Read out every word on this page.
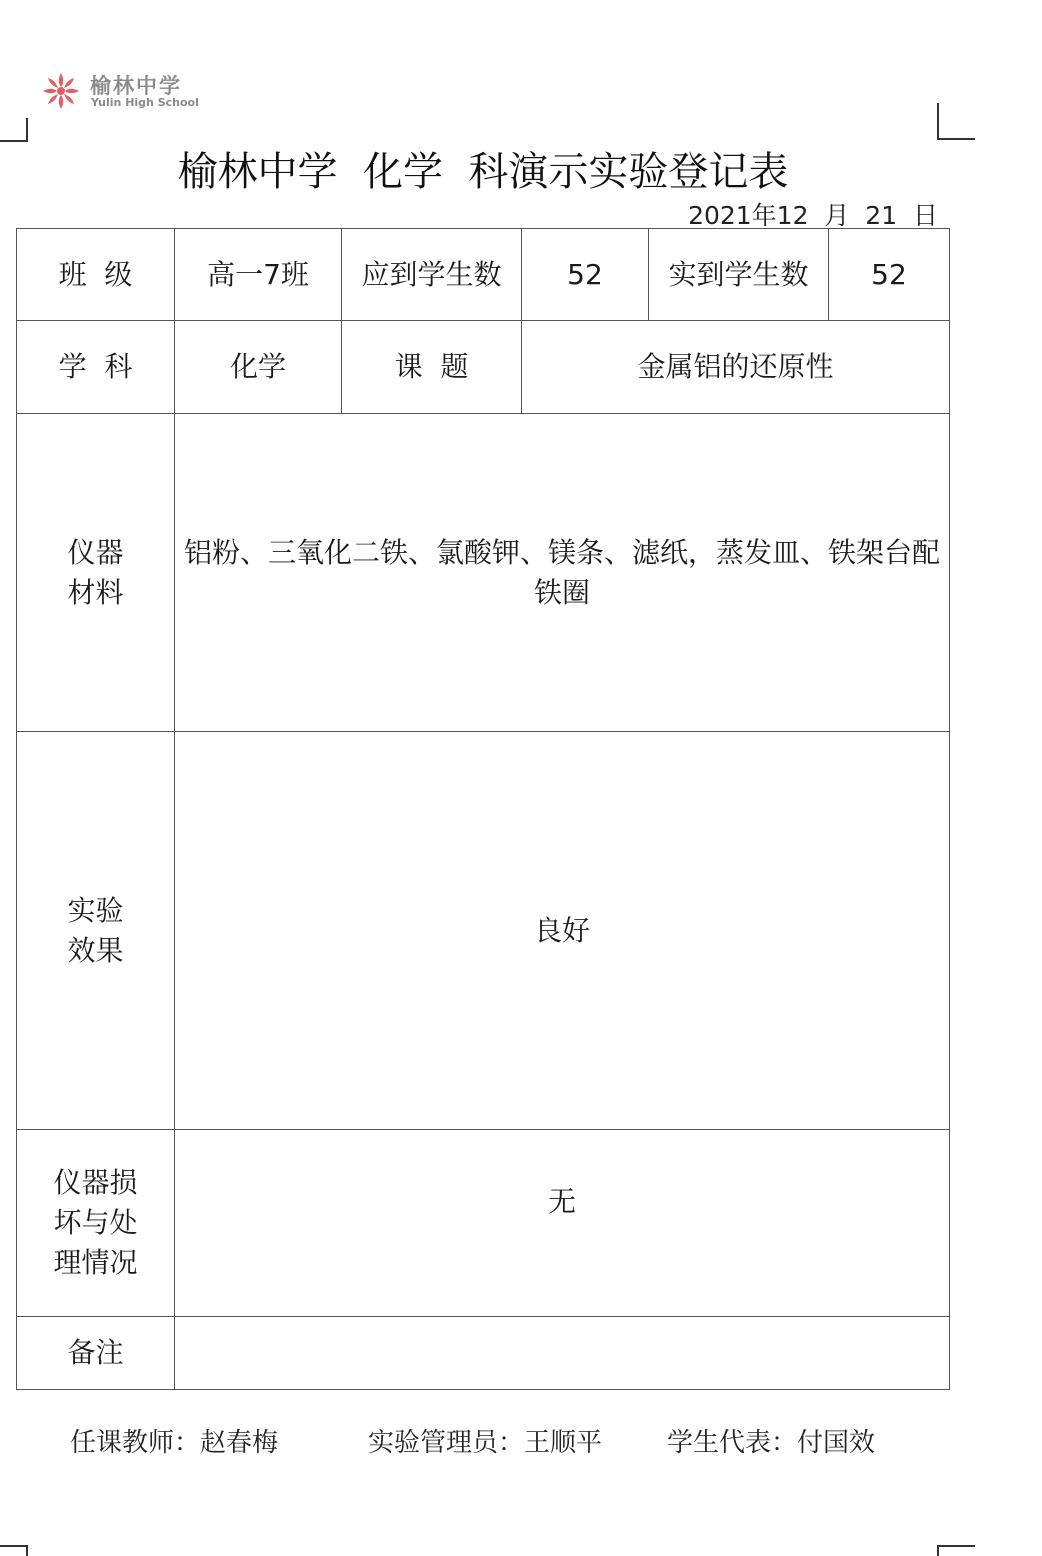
榆林中学
Yulin High School
榆林中学  化学  科演示实验登记表
2021年12  月  21  日
班  级	高一7班	应到学生数	52	实到学生数	52
学  科	化学	课  题	金属铝的还原性		

仪器
材料	铝粉、三氧化二铁、氯酸钾、镁条、滤纸，蒸发皿、铁架台配铁圈				

实验
效果	良好				

仪器损
坏与处
理情况	无				
备注					
任课教师：赵春梅	实验管理员：王顺平 学生代表：付国效
